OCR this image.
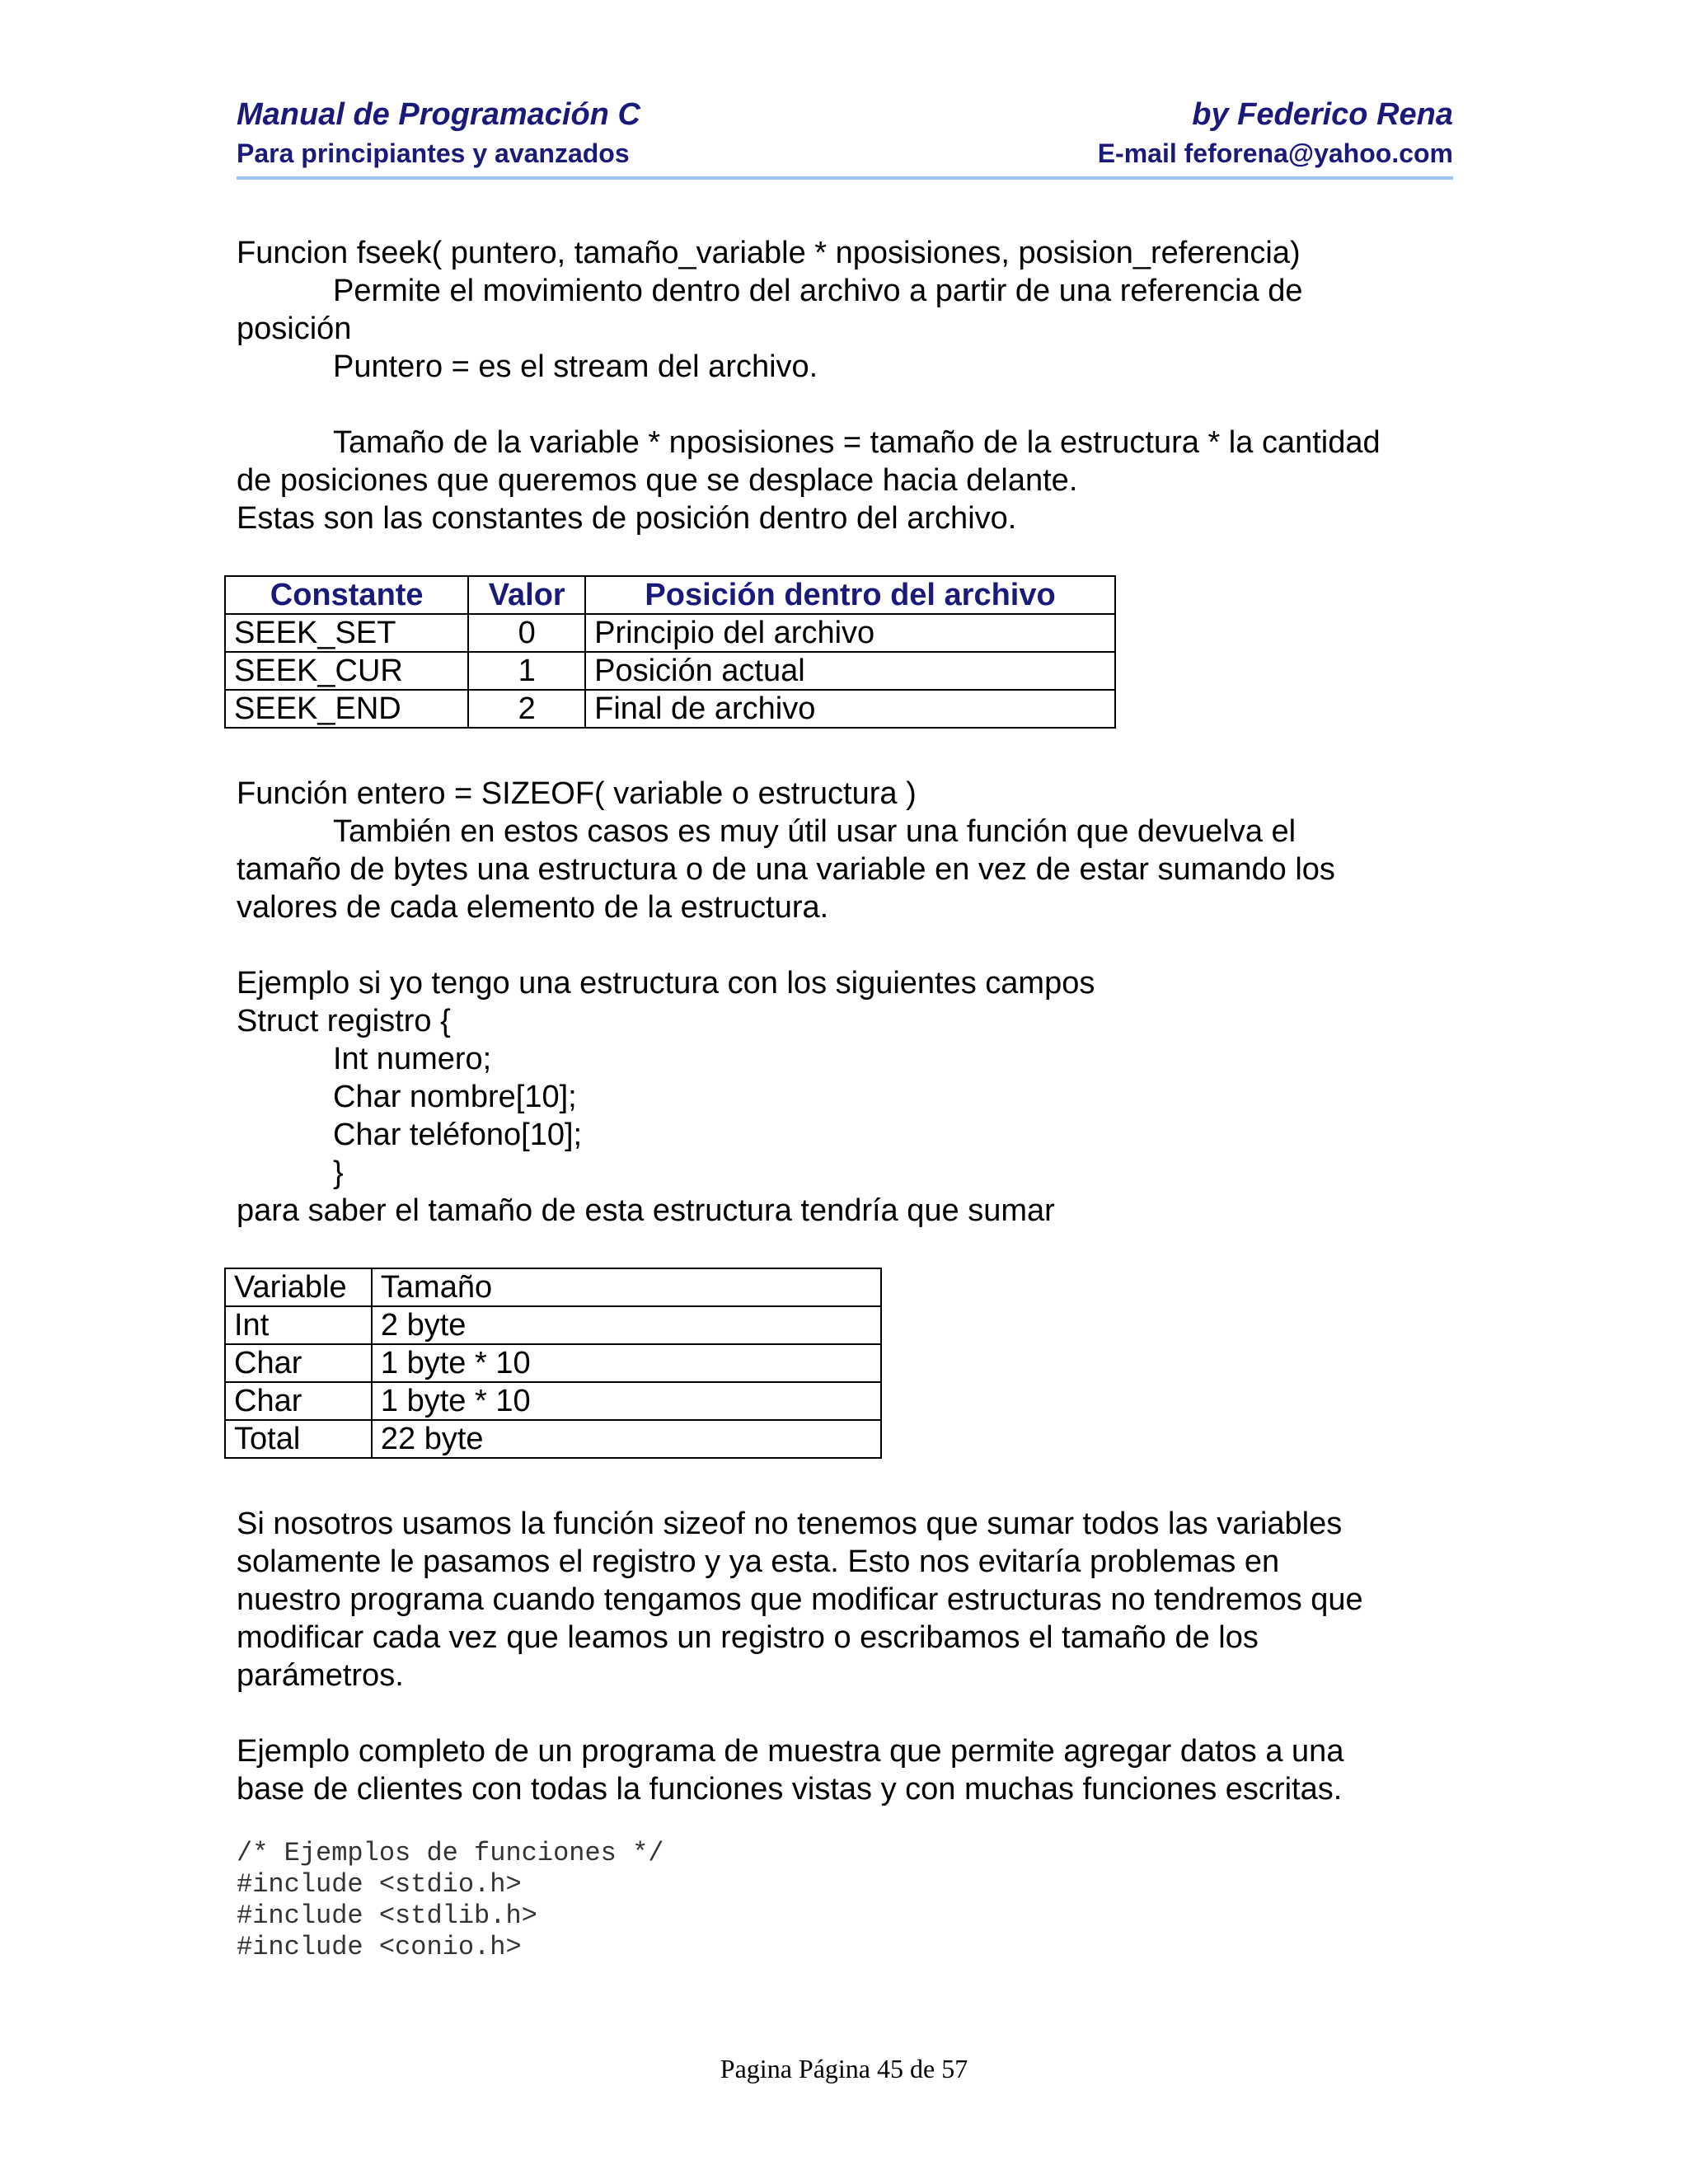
Manual de Programación C	by Federico Rena
Para principiantes y avanzados	E-mail feforena@yahoo.com
Funcion fseek( puntero, tamaño_variable * nposisiones, posision_referencia)
Permite el movimiento dentro del archivo a partir de una referencia de
posición
Puntero = es el stream del archivo.
Tamaño de la variable * nposisiones = tamaño de la estructura * la cantidad
de posiciones que queremos que se desplace hacia delante.
Estas son las constantes de posición dentro del archivo.
Constante	Valor	Posición dentro del archivo
SEEK_SET	0	Principio del archivo
SEEK_CUR	1	Posición actual
SEEK_END	2	Final de archivo
Función entero = SIZEOF( variable o estructura )
También en estos casos es muy útil usar una función que devuelva el
tamaño de bytes una estructura o de una variable en vez de estar sumando los
valores de cada elemento de la estructura.
Ejemplo si yo tengo una estructura con los siguientes campos
Struct registro {
Int numero;
Char nombre[10];
Char teléfono[10];
}
para saber el tamaño de esta estructura tendría que sumar
Variable	Tamaño
Int	2 byte
Char	1 byte * 10
Char	1 byte * 10
Total	22 byte
Si nosotros usamos la función sizeof no tenemos que sumar todos las variables
solamente le pasamos el registro y ya esta. Esto nos evitaría problemas en
nuestro programa cuando tengamos que modificar estructuras no tendremos que
modificar cada vez que leamos un registro o escribamos el tamaño de los
parámetros.
Ejemplo completo de un programa de muestra que permite agregar datos a una
base de clientes con todas la funciones vistas y con muchas funciones escritas.
/* Ejemplos de funciones */
#include <stdio.h>
#include <stdlib.h>
#include <conio.h>
Pagina Página 45 de 57
